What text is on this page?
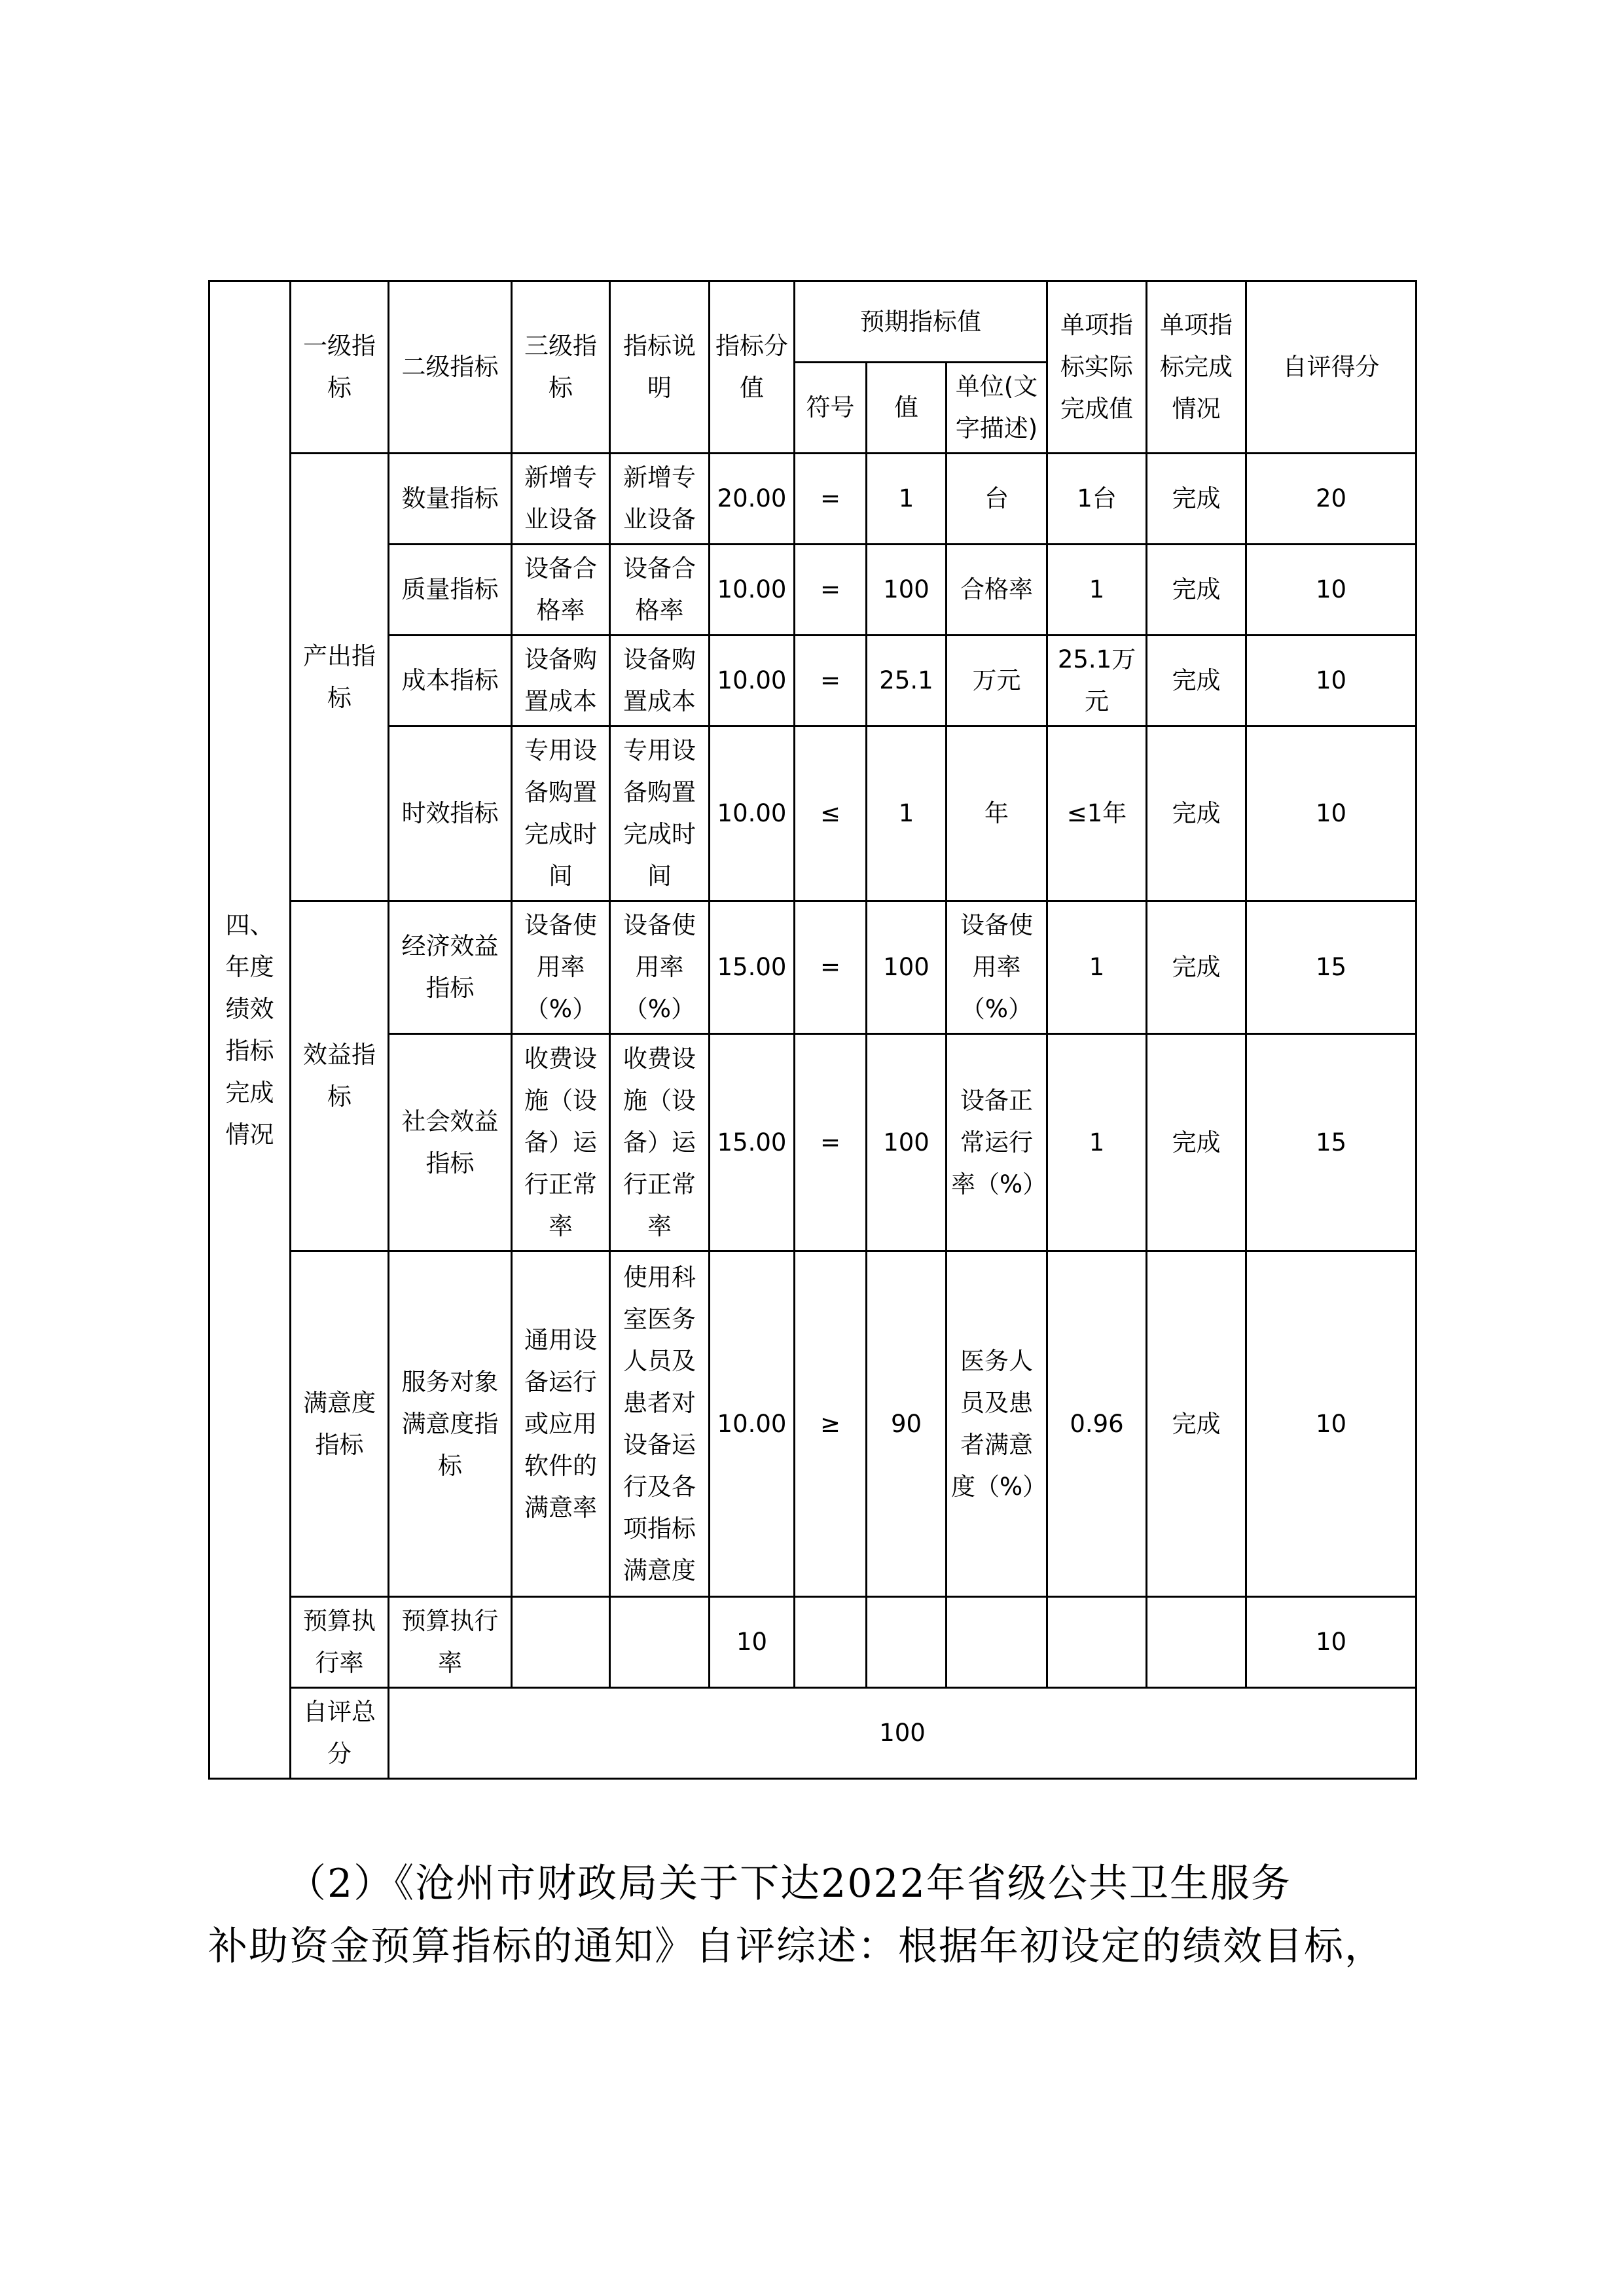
四、年度绩效指标完成情况	一级指标	二级指标	三级指标	指标说明	指标分值	预期指标值			单项指标实际完成值	单项指标完成情况	自评得分
						符号	值	单位(文字描述)			
	产出指标	数量指标	新增专业设备	新增专业设备	20.00	=	1	台	1台	完成	20
		质量指标	设备合格率	设备合格率	10.00	=	100	合格率	1	完成	10
		成本指标	设备购置成本	设备购置成本	10.00	=	25.1	万元	25.1万元	完成	10
		时效指标	专用设备购置完成时间	专用设备购置完成时间	10.00	≤	1	年	≤1年	完成	10
	效益指标	经济效益指标	设备使用率（%）	设备使用率（%）	15.00	=	100	设备使用率（%）	1	完成	15
		社会效益指标	收费设施（设备）运行正常率	收费设施（设备）运行正常率	15.00	=	100	设备正常运行率（%）	1	完成	15
	满意度指标	服务对象满意度指标	通用设备运行或应用软件的满意率	使用科室医务人员及患者对设备运行及各项指标满意度	10.00	≥	90	医务人员及患者满意度（%）	0.96	完成	10
	预算执行率	预算执行率			10						10
	自评总分	100									
（2）《沧州市财政局关于下达2022年省级公共卫生服务
补助资金预算指标的通知》自评综述：根据年初设定的绩效目标，
